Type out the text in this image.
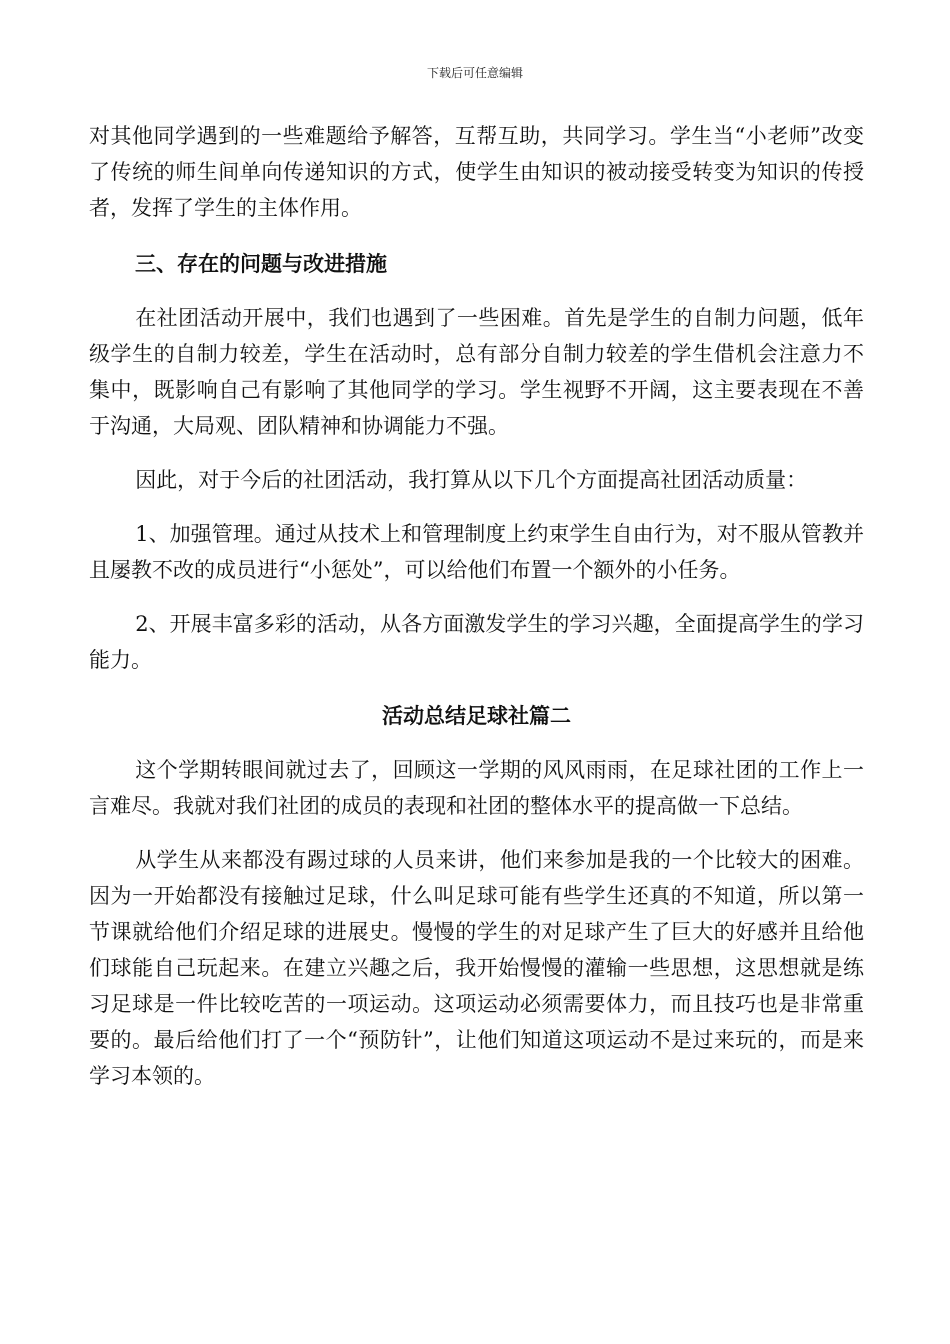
下载后可任意编辑

对其他同学遇到的一些难题给予解答，互帮互助，共同学习。学生当“小老师”改变了传统的师生间单向传递知识的方式，使学生由知识的被动接受转变为知识的传授者，发挥了学生的主体作用。

三、存在的问题与改进措施

在社团活动开展中，我们也遇到了一些困难。首先是学生的自制力问题，低年级学生的自制力较差，学生在活动时，总有部分自制力较差的学生借机会注意力不集中，既影响自己有影响了其他同学的学习。学生视野不开阔，这主要表现在不善于沟通，大局观、团队精神和协调能力不强。

因此，对于今后的社团活动，我打算从以下几个方面提高社团活动质量：

1、加强管理。通过从技术上和管理制度上约束学生自由行为，对不服从管教并且屡教不改的成员进行“小惩处”，可以给他们布置一个额外的小任务。

2、开展丰富多彩的活动，从各方面激发学生的学习兴趣，全面提高学生的学习能力。

活动总结足球社篇二

这个学期转眼间就过去了，回顾这一学期的风风雨雨，在足球社团的工作上一言难尽。我就对我们社团的成员的表现和社团的整体水平的提高做一下总结。

从学生从来都没有踢过球的人员来讲，他们来参加是我的一个比较大的困难。因为一开始都没有接触过足球，什么叫足球可能有些学生还真的不知道，所以第一节课就给他们介绍足球的进展史。慢慢的学生的对足球产生了巨大的好感并且给他们球能自己玩起来。在建立兴趣之后，我开始慢慢的灌输一些思想，这思想就是练习足球是一件比较吃苦的一项运动。这项运动必须需要体力，而且技巧也是非常重要的。最后给他们打了一个“预防针”，让他们知道这项运动不是过来玩的，而是来学习本领的。
